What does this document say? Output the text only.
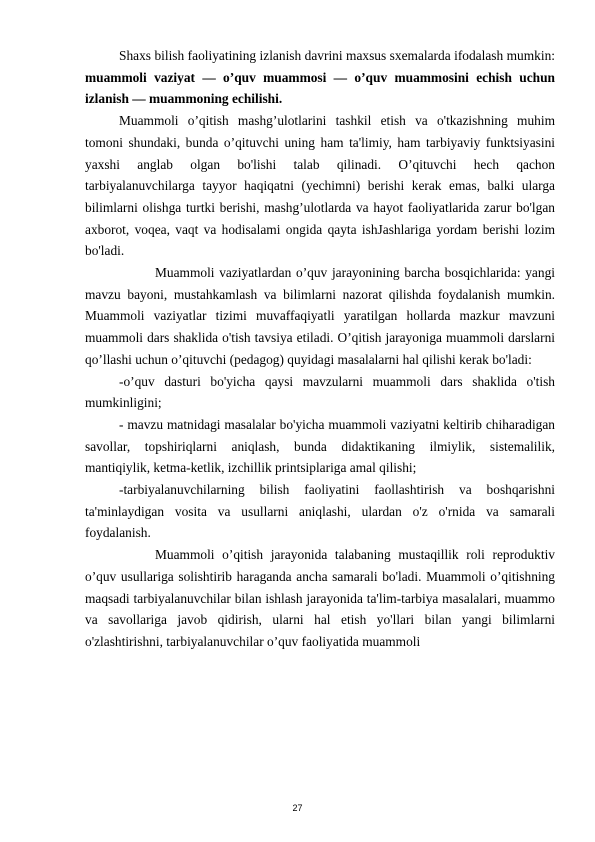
Shaxs bilish faoliyatining izlanish davrini maxsus sxemalarda ifodalash mumkin: muammoli vaziyat — o’quv muammosi — o’quv muammosini echish uchun izlanish — muammoning echilishi.

Muammoli o’qitish mashg’ulotlarini tashkil etish va o'tkazishning muhim tomoni shundaki, bunda o’qituvchi uning ham ta'limiy, ham tarbiyaviy funktsiyasini yaxshi anglab olgan bo'lishi talab qilinadi. O’qituvchi hech qachon tarbiyalanuvchilarga tayyor haqiqatni (yechimni) berishi kerak emas, balki ularga bilimlarni olishga turtki berishi, mashg’ulotlarda va hayot faoliyatlarida zarur bo'lgan axborot, voqea, vaqt va hodisalami ongida qayta ishJashlariga yordam berishi lozim bo'ladi.

Muammoli vaziyatlardan o’quv jarayonining barcha bosqichlarida: yangi mavzu bayoni, mustahkamlash va bilimlarni nazorat qilishda foydalanish mumkin. Muammoli vaziyatlar tizimi muvaffaqiyatli yaratilgan hollarda mazkur mavzuni muammoli dars shaklida o'tish tavsiya etiladi. O’qitish jarayoniga muammoli darslarni qo’llashi uchun o’qituvchi (pedagog) quyidagi masalalarni hal qilishi kerak bo'ladi:

-o’quv dasturi bo'yicha qaysi mavzularni muammoli dars shaklida o'tish mumkinligini;

- mavzu matnidagi masalalar bo'yicha muammoli vaziyatni keltirib chiharadigan savollar, topshiriqlarni aniqlash, bunda didaktikaning ilmiylik, sistemalilik, mantiqiylik, ketma-ketlik, izchillik printsiplariga amal qilishi;

-tarbiyalanuvchilarning bilish faoliyatini faollashtirish va boshqarishni ta'minlaydigan vosita va usullarni aniqlashi, ulardan o'z o'rnida va samarali foydalanish.

Muammoli o’qitish jarayonida talabaning mustaqillik roli reproduktiv o’quv usullariga solishtirib haraganda ancha samarali bo'ladi. Muammoli o’qitishning maqsadi tarbiyalanuvchilar bilan ishlash jarayonida ta'lim-tarbiya masalalari, muammo va savollariga javob qidirish, ularni hal etish yo'llari bilan yangi bilimlarni o'zlashtirishni, tarbiyalanuvchilar o’quv faoliyatida muammoli

27
